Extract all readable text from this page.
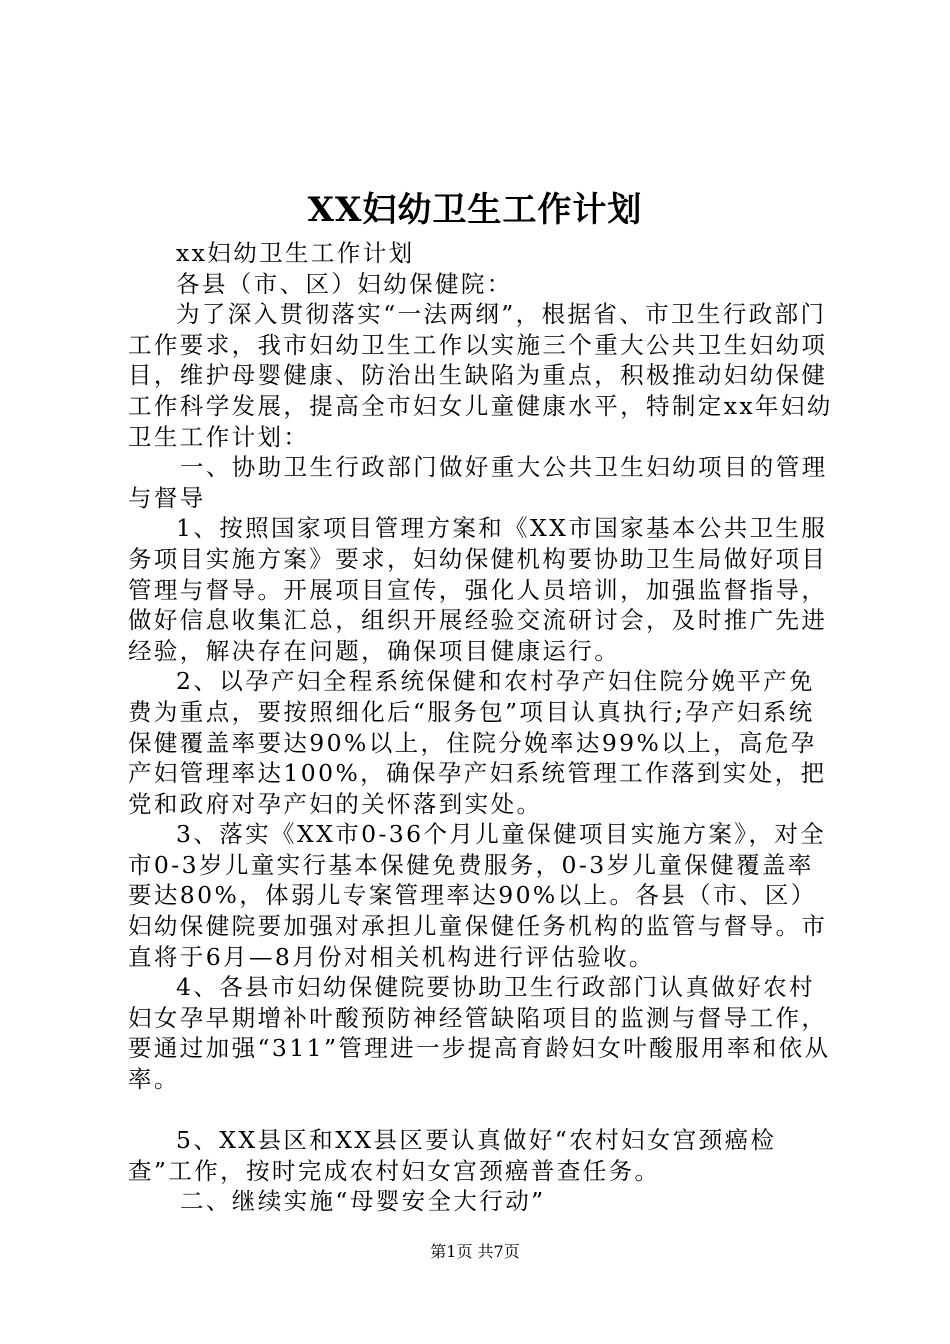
XX妇幼卫生工作计划

xx妇幼卫生工作计划

各县（市、区）妇幼保健院：

为了深入贯彻落实“一法两纲”，根据省、市卫生行政部门工作要求，我市妇幼卫生工作以实施三个重大公共卫生妇幼项目，维护母婴健康、防治出生缺陷为重点，积极推动妇幼保健工作科学发展，提高全市妇女儿童健康水平，特制定xx年妇幼卫生工作计划：

一、协助卫生行政部门做好重大公共卫生妇幼项目的管理与督导

1、按照国家项目管理方案和《XX市国家基本公共卫生服务项目实施方案》要求，妇幼保健机构要协助卫生局做好项目管理与督导。开展项目宣传，强化人员培训，加强监督指导，做好信息收集汇总，组织开展经验交流研讨会，及时推广先进经验，解决存在问题，确保项目健康运行。

2、以孕产妇全程系统保健和农村孕产妇住院分娩平产免费为重点，要按照细化后“服务包”项目认真执行;孕产妇系统保健覆盖率要达90%以上，住院分娩率达99%以上，高危孕产妇管理率达100%，确保孕产妇系统管理工作落到实处，把党和政府对孕产妇的关怀落到实处。

3、落实《XX市0-36个月儿童保健项目实施方案》，对全市0-3岁儿童实行基本保健免费服务，0-3岁儿童保健覆盖率要达80%，体弱儿专案管理率达90%以上。各县（市、区）妇幼保健院要加强对承担儿童保健任务机构的监管与督导。市直将于6月—8月份对相关机构进行评估验收。

4、各县市妇幼保健院要协助卫生行政部门认真做好农村妇女孕早期增补叶酸预防神经管缺陷项目的监测与督导工作，要通过加强“311”管理进一步提高育龄妇女叶酸服用率和依从率。

5、XX县区和XX县区要认真做好“农村妇女宫颈癌检查”工作，按时完成农村妇女宫颈癌普查任务。

二、继续实施“母婴安全大行动”

第1页 共7页
